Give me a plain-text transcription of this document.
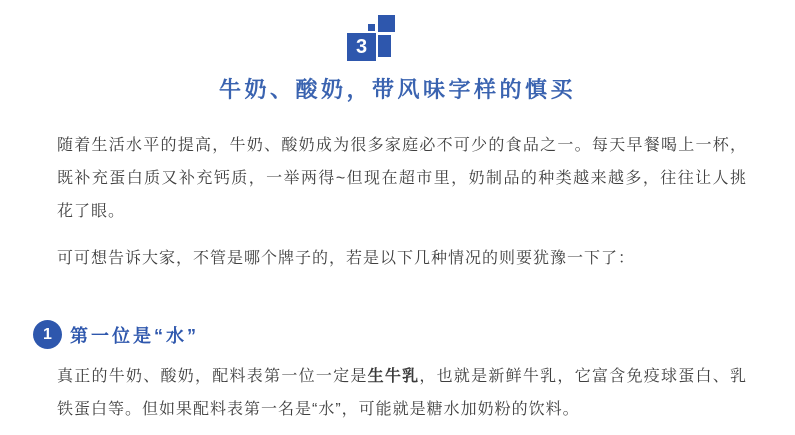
3
牛奶、酸奶，带风味字样的慎买

随着生活水平的提高，牛奶、酸奶成为很多家庭必不可少的食品之一。每天早餐喝上一杯，既补充蛋白质又补充钙质，一举两得~但现在超市里，奶制品的种类越来越多，往往让人挑花了眼。

可可想告诉大家，不管是哪个牌子的，若是以下几种情况的则要犹豫一下了：

1	第一位是“水”

真正的牛奶、酸奶，配料表第一位一定是生牛乳，也就是新鲜牛乳，它富含免疫球蛋白、乳铁蛋白等。但如果配料表第一名是“水”，可能就是糖水加奶粉的饮料。
